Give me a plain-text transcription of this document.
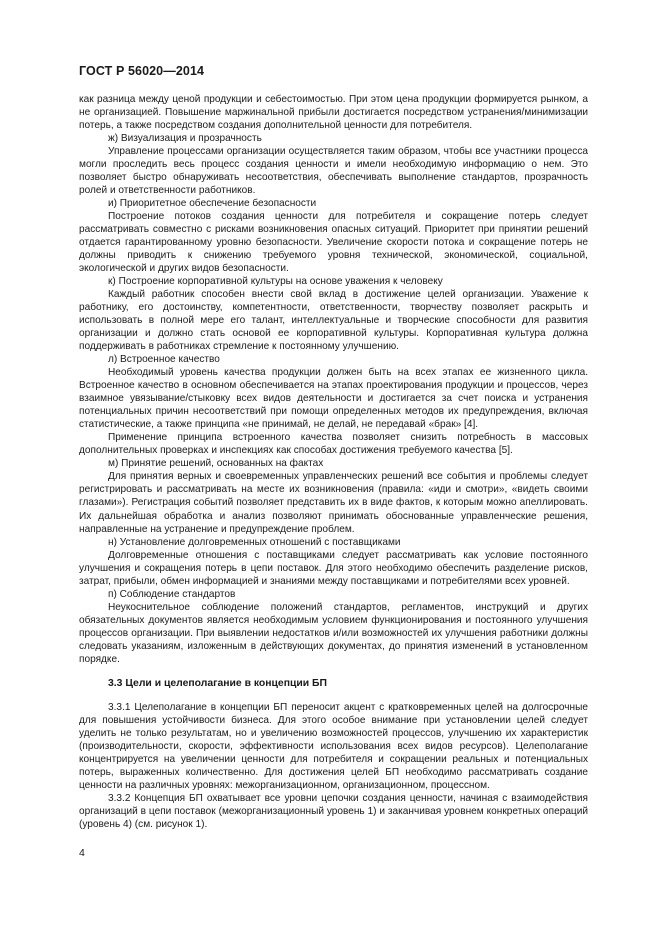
ГОСТ Р 56020—2014

как разница между ценой продукции и себестоимостью. При этом цена продукции формируется рынком, а не организацией. Повышение маржинальной прибыли достигается посредством устранения/минимизации потерь, а также посредством создания дополнительной ценности для потребителя.

ж) Визуализация и прозрачность

Управление процессами организации осуществляется таким образом, чтобы все участники процесса могли проследить весь процесс создания ценности и имели необходимую информацию о нем. Это позволяет быстро обнаруживать несоответствия, обеспечивать выполнение стандартов, прозрачность ролей и ответственности работников.

и) Приоритетное обеспечение безопасности

Построение потоков создания ценности для потребителя и сокращение потерь следует рассматривать совместно с рисками возникновения опасных ситуаций. Приоритет при принятии решений отдается гарантированному уровню безопасности. Увеличение скорости потока и сокращение потерь не должны приводить к снижению требуемого уровня технической, экономической, социальной, экологической и других видов безопасности.

к) Построение корпоративной культуры на основе уважения к человеку

Каждый работник способен внести свой вклад в достижение целей организации. Уважение к работнику, его достоинству, компетентности, ответственности, творчеству позволяет раскрыть и использовать в полной мере его талант, интеллектуальные и творческие способности для развития организации и должно стать основой ее корпоративной культуры. Корпоративная культура должна поддерживать в работниках стремление к постоянному улучшению.

л) Встроенное качество

Необходимый уровень качества продукции должен быть на всех этапах ее жизненного цикла. Встроенное качество в основном обеспечивается на этапах проектирования продукции и процессов, через взаимное увязывание/стыковку всех видов деятельности и достигается за счет поиска и устранения потенциальных причин несоответствий при помощи определенных методов их предупреждения, включая статистические, а также принципа «не принимай, не делай, не передавай «брак» [4].

Применение принципа встроенного качества позволяет снизить потребность в массовых дополнительных проверках и инспекциях как способах достижения требуемого качества [5].

м) Принятие решений, основанных на фактах

Для принятия верных и своевременных управленческих решений все события и проблемы следует регистрировать и рассматривать на месте их возникновения (правила: «иди и смотри», «видеть своими глазами»). Регистрация событий позволяет представить их в виде фактов, к которым можно апеллировать. Их дальнейшая обработка и анализ позволяют принимать обоснованные управленческие решения, направленные на устранение и предупреждение проблем.

н) Установление долговременных отношений с поставщиками

Долговременные отношения с поставщиками следует рассматривать как условие постоянного улучшения и сокращения потерь в цепи поставок. Для этого необходимо обеспечить разделение рисков, затрат, прибыли, обмен информацией и знаниями между поставщиками и потребителями всех уровней.

п) Соблюдение стандартов

Неукоснительное соблюдение положений стандартов, регламентов, инструкций и других обязательных документов является необходимым условием функционирования и постоянного улучшения процессов организации. При выявлении недостатков и/или возможностей их улучшения работники должны следовать указаниям, изложенным в действующих документах, до принятия изменений в установленном порядке.

3.3 Цели и целеполагание в концепции БП

3.3.1 Целеполагание в концепции БП переносит акцент с кратковременных целей на долгосрочные для повышения устойчивости бизнеса. Для этого особое внимание при установлении целей следует уделить не только результатам, но и увеличению возможностей процессов, улучшению их характеристик (производительности, скорости, эффективности использования всех видов ресурсов). Целеполагание концентрируется на увеличении ценности для потребителя и сокращении реальных и потенциальных потерь, выраженных количественно. Для достижения целей БП необходимо рассматривать создание ценности на различных уровнях: межорганизационном, организационном, процессном.

3.3.2 Концепция БП охватывает все уровни цепочки создания ценности, начиная с взаимодействия организаций в цепи поставок (межорганизационный уровень 1) и заканчивая уровнем конкретных операций (уровень 4) (см. рисунок 1).

4
